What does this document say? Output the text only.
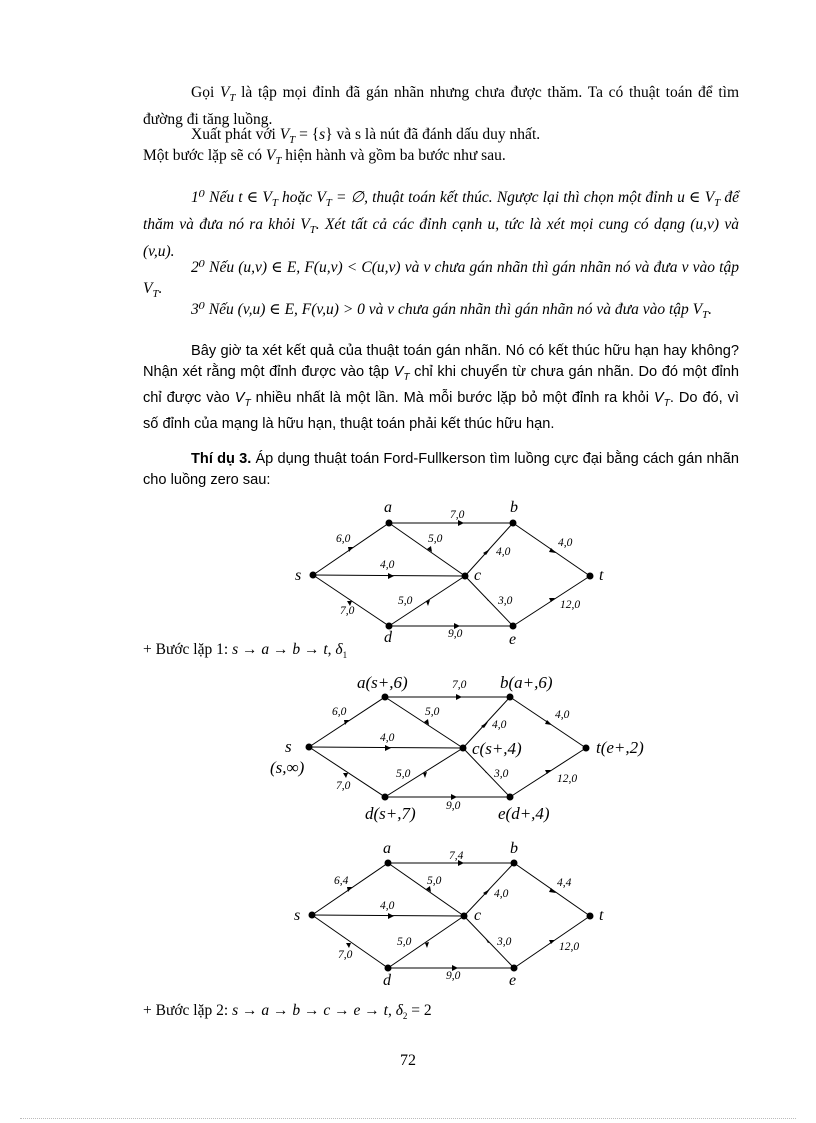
Gọi $V_T$ là tập mọi đỉnh đã gán nhãn nhưng chưa được thăm. Ta có thuật toán để tìm đường đi tăng luồng.

Xuất phát với $V_T = \{s\}$ và s là nút đã đánh dấu duy nhất.

Một bước lặp sẽ có $V_T$ hiện hành và gồm ba bước như sau.

1⁰ Nếu t ∈ $V_T$ hoặc $V_T$ = ∅, thuật toán kết thúc. Ngược lại thì chọn một đỉnh u ∈ $V_T$ để thăm và đưa nó ra khỏi $V_T$. Xét tất cả các đỉnh cạnh u, tức là xét mọi cung có dạng (u,v) và (v,u).

2⁰ Nếu (u,v) ∈ E, F(u,v) < C(u,v) và v chưa gán nhãn thì gán nhãn nó và đưa v vào tập $V_T$.

3⁰ Nếu (v,u) ∈ E, F(v,u) > 0 và v chưa gán nhãn thì gán nhãn nó và đưa vào tập $V_T$.

Bây giờ ta xét kết quả của thuật toán gán nhãn. Nó có kết thúc hữu hạn hay không? Nhận xét rằng một đỉnh được vào tập $V_T$ chỉ khi chuyển từ chưa gán nhãn. Do đó một đỉnh chỉ được vào $V_T$ nhiều nhất là một lần. Mà mỗi bước lặp bỏ một đỉnh ra khỏi $V_T$. Do đó, vì số đỉnh của mạng là hữu hạn, thuật toán phải kết thúc hữu hạn.

Thí dụ 3. Áp dụng thuật toán Ford-Fullkerson tìm luồng cực đại bằng cách gán nhãn cho luồng zero sau:

6,0
4,0
7,0
7,0
5,0
4,0
5,0	3,0
9,0
4,0
12,0
a	b
s	c	t
d	e
+ Bước lặp 1: s → a → b → t, $\delta_1$
6,0
4,0
7,0
7,0
5,0
4,0
5,0	3,0
9,0
4,0
12,0
a(s+,6)	b(a+,6)
s
(s,∞)
c(s+,4)	t(e+,2)
d(s+,7)	e(d+,4)
6,4
4,0
7,0
7,4
5,0
4,0
5,0	3,0
9,0
4,4
12,0
a	b
s	c	t
d	e
+ Bước lặp 2: s → a → b → c → e → t, $\delta_2 = 2$
72
